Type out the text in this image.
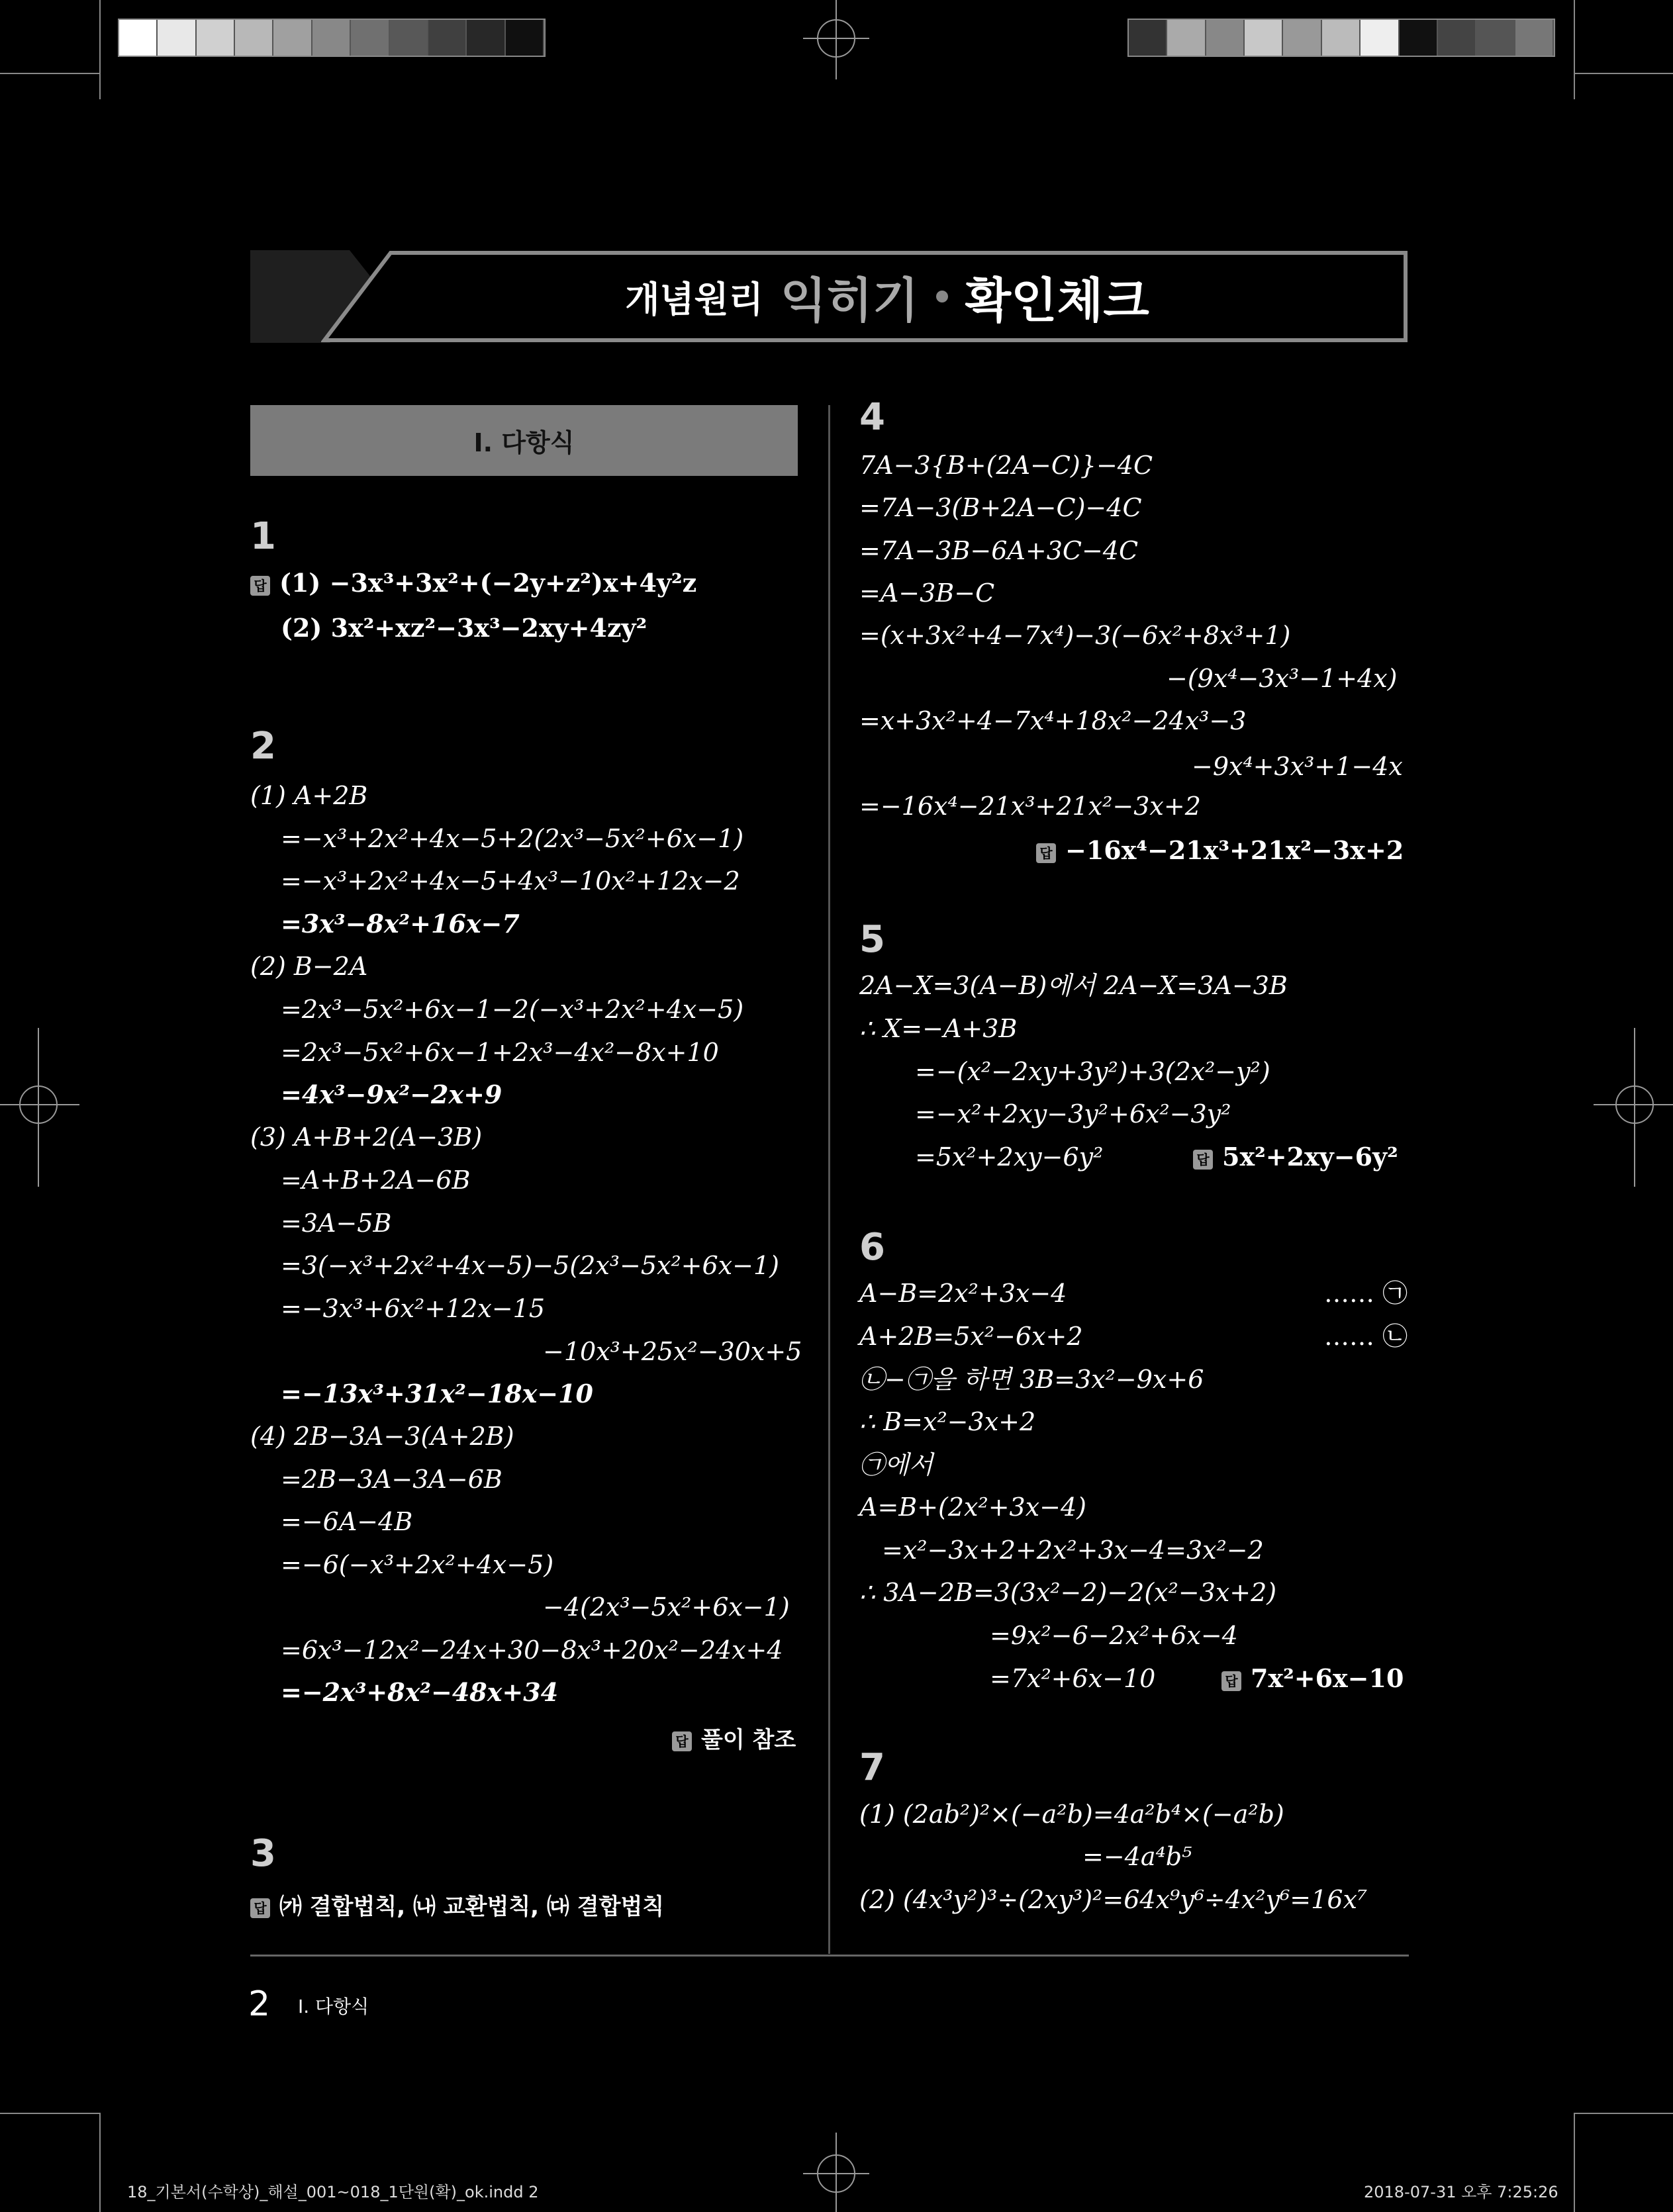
개념원리 익히기 확인체크
Ⅰ. 다항식
1
답 (1) −3x³+3x²+(−2y+z²)x+4y²z
(2) 3x²+xz²−3x³−2xy+4zy²
2
(1) A+2B
=−x³+2x²+4x−5+2(2x³−5x²+6x−1)
=−x³+2x²+4x−5+4x³−10x²+12x−2
=3x³−8x²+16x−7
(2) B−2A
=2x³−5x²+6x−1−2(−x³+2x²+4x−5)
=2x³−5x²+6x−1+2x³−4x²−8x+10
=4x³−9x²−2x+9
(3) A+B+2(A−3B)
=A+B+2A−6B
=3A−5B
=3(−x³+2x²+4x−5)−5(2x³−5x²+6x−1)
=−3x³+6x²+12x−15
−10x³+25x²−30x+5
=−13x³+31x²−18x−10
(4) 2B−3A−3(A+2B)
=2B−3A−3A−6B
=−6A−4B
=−6(−x³+2x²+4x−5)
−4(2x³−5x²+6x−1)
=6x³−12x²−24x+30−8x³+20x²−24x+4
=−2x³+8x²−48x+34
답 풀이 참조
3
답 ㈎ 결합법칙, ㈏ 교환법칙, ㈐ 결합법칙
4
7A−3{B+(2A−C)}−4C
=7A−3(B+2A−C)−4C
=7A−3B−6A+3C−4C
=A−3B−C
=(x+3x²+4−7x⁴)−3(−6x²+8x³+1)
−(9x⁴−3x³−1+4x)
=x+3x²+4−7x⁴+18x²−24x³−3
−9x⁴+3x³+1−4x
=−16x⁴−21x³+21x²−3x+2
답 −16x⁴−21x³+21x²−3x+2
5
2A−X=3(A−B)에서 2A−X=3A−3B
∴ X=−A+3B
=−(x²−2xy+3y²)+3(2x²−y²)
=−x²+2xy−3y²+6x²−3y²
=5x²+2xy−6y²	답 5x²+2xy−6y²
6
A−B=2x²+3x−4	…… ㉠
A+2B=5x²−6x+2	…… ㉡
㉡−㉠을 하면 3B=3x²−9x+6
∴ B=x²−3x+2
㉠에서
A=B+(2x²+3x−4)
=x²−3x+2+2x²+3x−4=3x²−2
∴ 3A−2B=3(3x²−2)−2(x²−3x+2)
=9x²−6−2x²+6x−4
=7x²+6x−10	답 7x²+6x−10
7
(1) (2ab²)²×(−a²b)=4a²b⁴×(−a²b)
=−4a⁴b⁵
(2) (4x³y²)³÷(2xy³)²=64x⁹y⁶÷4x²y⁶=16x⁷
2 Ⅰ. 다항식
18_기본서(수학상)_해설_001~018_1단원(확)_ok.indd 2	2018-07-31 오후 7:25:26
